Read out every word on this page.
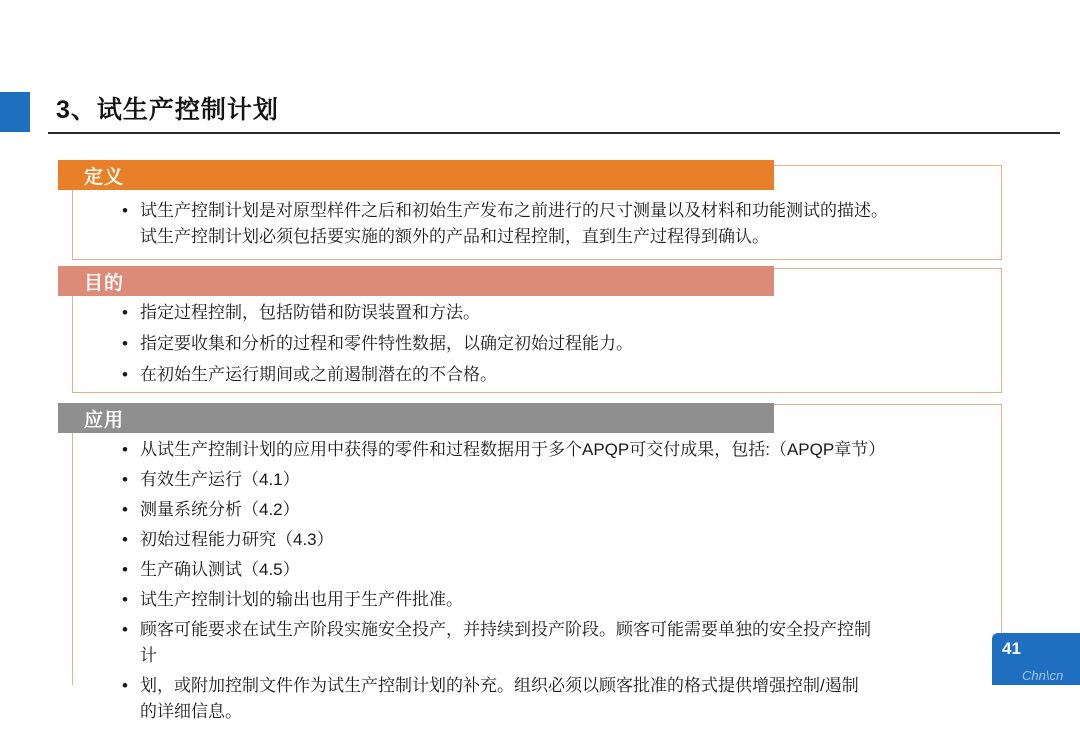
3、试生产控制计划
定义
• 试生产控制计划是对原型样件之后和初始生产发布之前进行的尺寸测量以及材料和功能测试的描述。
试生产控制计划必须包括要实施的额外的产品和过程控制，直到生产过程得到确认。
目的
• 指定过程控制，包括防错和防误装置和方法。
• 指定要收集和分析的过程和零件特性数据，以确定初始过程能力。
• 在初始生产运行期间或之前遏制潜在的不合格。
应用
• 从试生产控制计划的应用中获得的零件和过程数据用于多个APQP可交付成果，包括:（APQP章节）
• 有效生产运行（4.1）
• 测量系统分析（4.2）
• 初始过程能力研究（4.3）
• 生产确认测试（4.5）
• 试生产控制计划的输出也用于生产件批准。
• 顾客可能要求在试生产阶段实施安全投产，并持续到投产阶段。顾客可能需要单独的安全投产控制
计
• 划，或附加控制文件作为试生产控制计划的补充。组织必须以顾客批准的格式提供增强控制/遏制
的详细信息。
41
Chn\cn
